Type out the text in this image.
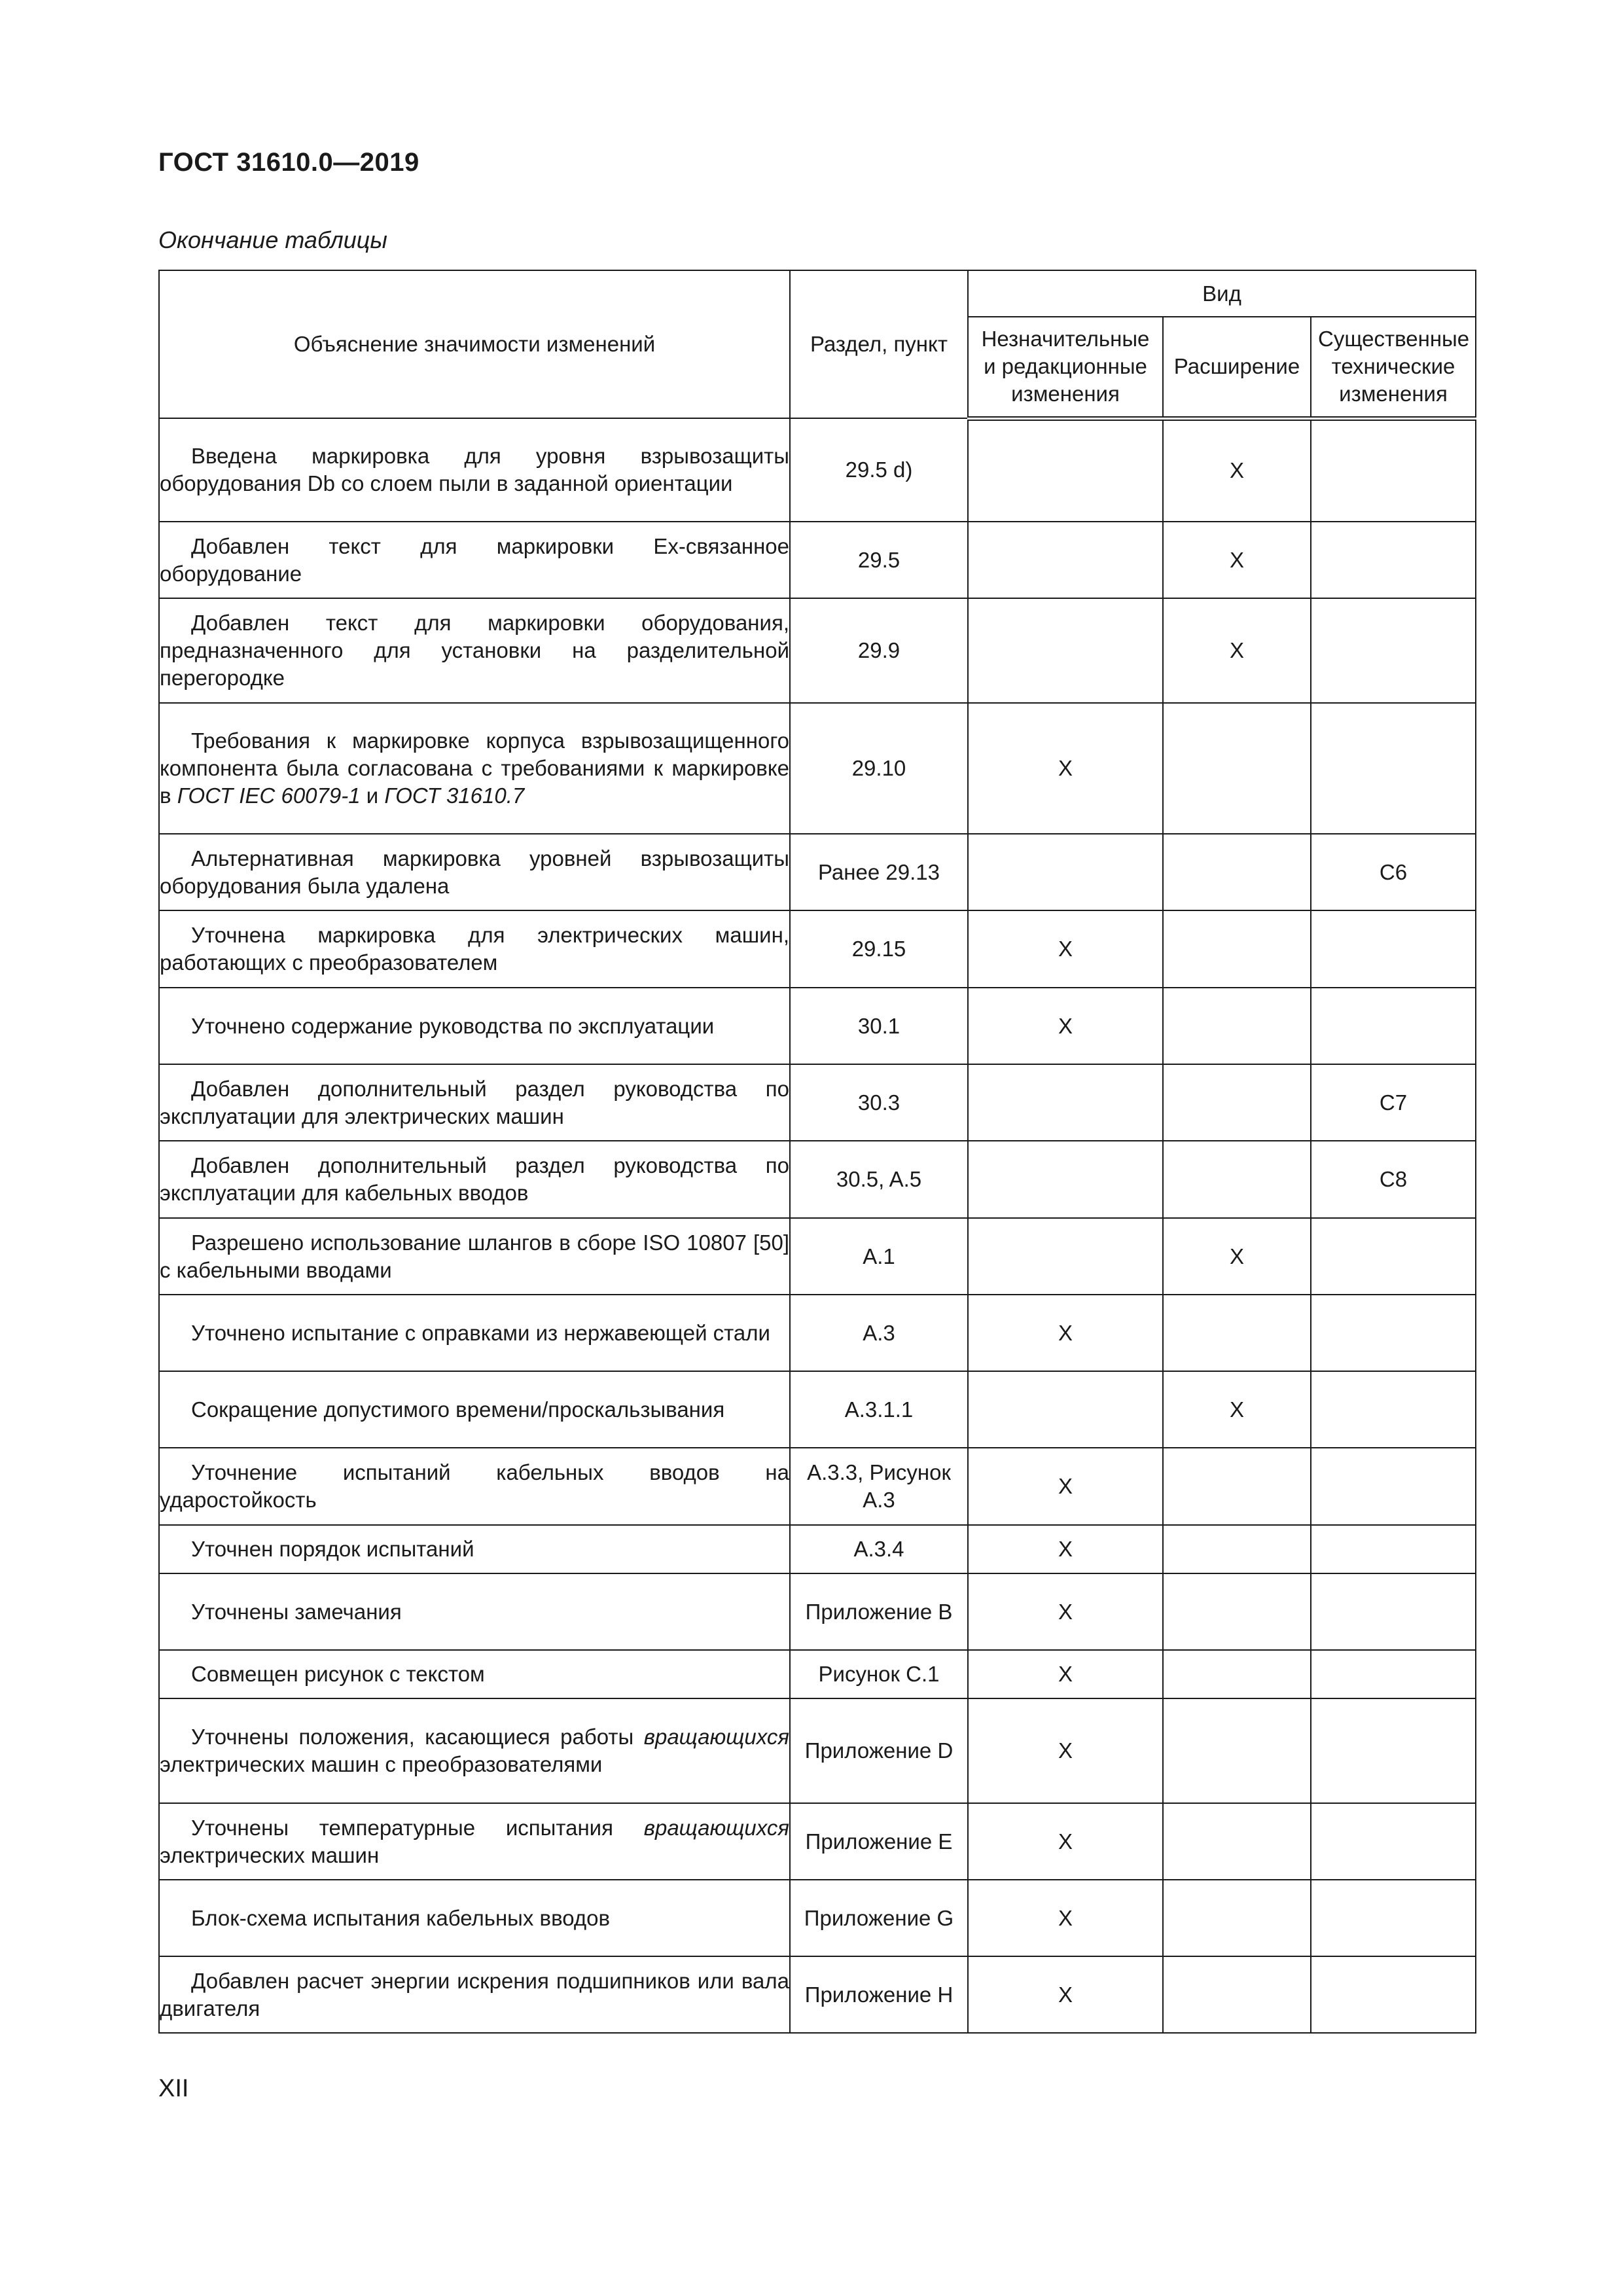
ГОСТ 31610.0—2019
Окончание таблицы
Объяснение значимости изменений	Раздел, пункт	Вид		
		Незначительные и редакционные изменения	Расширение	Существенные технические изменения
Введена маркировка для уровня взрывозащиты оборудования Db со слоем пыли в заданной ориентации	29.5 d)		X	
Добавлен текст для маркировки Ex-связанное оборудование	29.5		X	
Добавлен текст для маркировки оборудования, предназначенного для установки на разделительной перегородке	29.9		X	
Требования к маркировке корпуса взрывозащищенного компонента была согласована с требованиями к маркировке в ГОСТ IEC 60079-1 и ГОСТ 31610.7	29.10	X		
Альтернативная маркировка уровней взрывозащиты оборудования была удалена	Ранее 29.13			C6
Уточнена маркировка для электрических машин, работающих с преобразователем	29.15	X		
Уточнено содержание руководства по эксплуатации	30.1	X		
Добавлен дополнительный раздел руководства по эксплуатации для электрических машин	30.3			C7
Добавлен дополнительный раздел руководства по эксплуатации для кабельных вводов	30.5, A.5			C8
Разрешено использование шлангов в сборе ISO 10807 [50] с кабельными вводами	A.1		X	
Уточнено испытание с оправками из нержавеющей стали	A.3	X		
Сокращение допустимого времени/проскальзывания	A.3.1.1		X	
Уточнение испытаний кабельных вводов на ударостойкость	A.3.3, Рисунок A.3	X		
Уточнен порядок испытаний	A.3.4	X		
Уточнены замечания	Приложение B	X		
Совмещен рисунок с текстом	Рисунок C.1	X		
Уточнены положения, касающиеся работы вращающихся электрических машин с преобразователями	Приложение D	X		
Уточнены температурные испытания вращающихся электрических машин	Приложение E	X		
Блок-схема испытания кабельных вводов	Приложение G	X		
Добавлен расчет энергии искрения подшипников или вала двигателя	Приложение H	X		
XII
